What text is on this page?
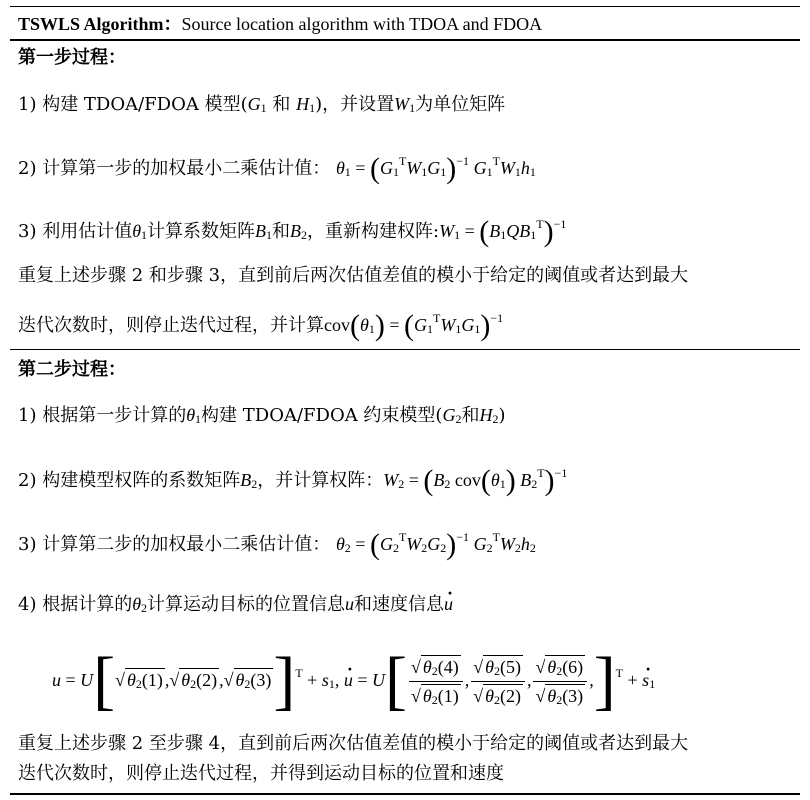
TSWLS Algorithm：Source location algorithm with TDOA and FDOA
第一步过程：
1) 构建 TDOA/FDOA 模型($G_1$ 和 $H_1$)，并设置$W_1$为单位矩阵
2) 计算第一步的加权最小二乘估计值： $\theta_1 = (G_1^TW_1G_1)^{-1}$ $G_1^TW_1h_1$
3) 利用估计值$\theta_1$计算系数矩阵$B_1$和$B_2$，重新构建权阵$:W_1 = (B_1QB_1^T)^{-1}$
重复上述步骤 2 和步骤 3，直到前后两次估值差值的模小于给定的阈值或者达到最大
迭代次数时，则停止迭代过程，并计算$cov(\theta_1) = (G_1^TW_1G_1)^{-1}$
第二步过程：
1) 根据第一步计算的$\theta_1$构建 TDOA/FDOA 约束模型($G_2$和$H_2$)
2) 构建模型权阵的系数矩阵$B_2$，并计算权阵：$W_2 = (B_2$ $cov(\theta_1)$ $B_2^T)^{-1}$
3) 计算第二步的加权最小二乘估计值： $\theta_2 = (G_2^TW_2G_2)^{-1}$ $G_2^TW_2h_2$
4) 根据计算的$\theta_2$计算运动目标的位置信息u和速度信息· u
u = U[√ $\theta_2(1)$ ,√ $\theta_2(2)$ ,√ $\theta_2(3)]^T + s_1$, · $u = U[ \frac{√ \theta_2(4)}{√ \theta_2(1)}$ , $\frac{√ \theta_2(5)}{√ \theta_2(2)}$ , $\frac{√ \theta_2(6)}{√ \theta_2(3)} ,]^T$ + · $s_1$
重复上述步骤 2 至步骤 4，直到前后两次估值差值的模小于给定的阈值或者达到最大
迭代次数时，则停止迭代过程，并得到运动目标的位置和速度
